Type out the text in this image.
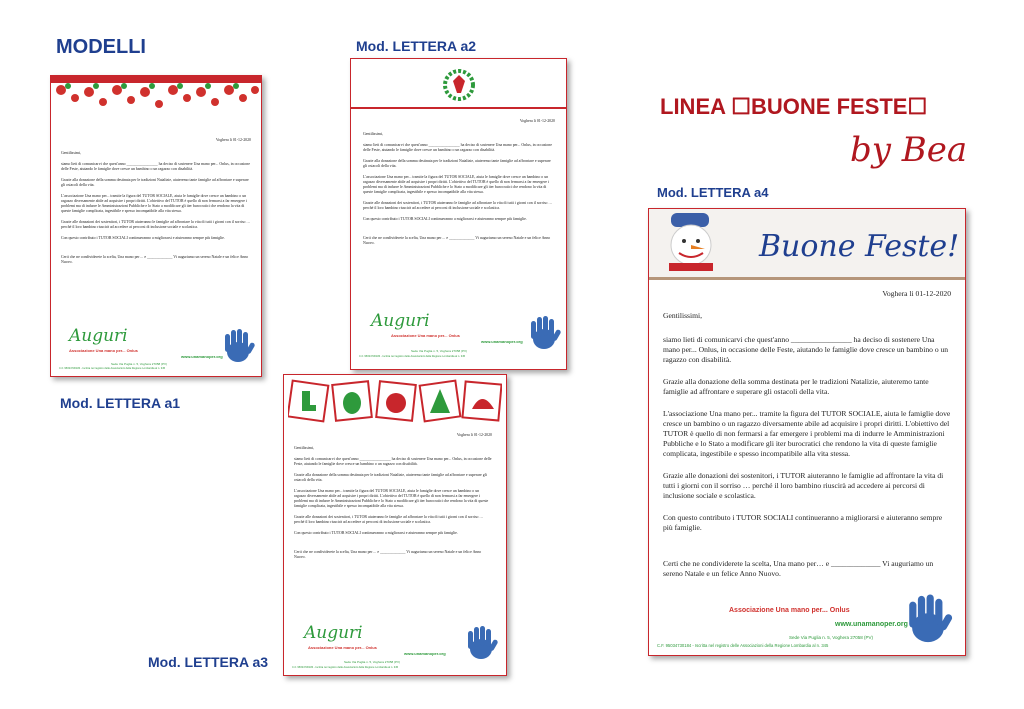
MODELLI	Mod. LETTERA a2
Mod. LETTERA a1
Mod. LETTERA a3
Mod. LETTERA a4
LINEA ☐BUONE FESTE☐
by Bea

Voghera li 01-12-2020

Gentilissimi,

siamo lieti di comunicarvi che quest'anno ________________ ha deciso di sostenere Una mano per... Onlus, in occasione delle Feste, aiutando le famiglie dove cresce un bambino o un ragazzo con disabilità.

Grazie alla donazione della somma destinata per le tradizioni Natalizie, aiuteremo tante famiglie ad affrontare e superare gli ostacoli della vita.

L'associazione Una mano per... tramite la figura del TUTOR SOCIALE, aiuta le famiglie dove cresce un bambino o un ragazzo diversamente abile ad acquisire i propri diritti. L'obiettivo del TUTOR è quello di non fermarsi a far emergere i problemi ma di indurre le Amministrazioni Pubbliche e lo Stato a modificare gli iter burocratici che rendono la vita di queste famiglie complicata, ingestibile e spesso incompatibile alla vita stessa.

Grazie alle donazioni dei sostenitori, i TUTOR aiuteranno le famiglie ad affrontare la vita di tutti i giorni con il sorriso … perché il loro bambino riuscirà ad accedere ai percorsi di inclusione sociale e scolastica.

Con questo contributo i TUTOR SOCIALI continueranno a migliorarsi e aiuteranno sempre più famiglie.

Certi che ne condividerete la scelta, Una mano per… e _____________ Vi auguriamo un sereno Natale e un felice Anno Nuovo.

Auguri
Associazione Una mano per... Onlus
www.unamanoper.org
Sede Via Puglia n. 5, Voghera 27058 (PV)
C.F. 95034730184 - Iscritta nel registro delle Associazioni della Regione Lombardia al n. 345

Voghera li 01-12-2020

Gentilissimi,

siamo lieti di comunicarvi che quest'anno ________________ ha deciso di sostenere Una mano per... Onlus, in occasione delle Feste, aiutando le famiglie dove cresce un bambino o un ragazzo con disabilità.

Grazie alla donazione della somma destinata per le tradizioni Natalizie, aiuteremo tante famiglie ad affrontare e superare gli ostacoli della vita.

L'associazione Una mano per... tramite la figura del TUTOR SOCIALE, aiuta le famiglie dove cresce un bambino o un ragazzo diversamente abile ad acquisire i propri diritti. L'obiettivo del TUTOR è quello di non fermarsi a far emergere i problemi ma di indurre le Amministrazioni Pubbliche e lo Stato a modificare gli iter burocratici che rendono la vita di queste famiglie complicata, ingestibile e spesso incompatibile alla vita stessa.

Grazie alle donazioni dei sostenitori, i TUTOR aiuteranno le famiglie ad affrontare la vita di tutti i giorni con il sorriso … perché il loro bambino riuscirà ad accedere ai percorsi di inclusione sociale e scolastica.

Con questo contributo i TUTOR SOCIALI continueranno a migliorarsi e aiuteranno sempre più famiglie.

Certi che ne condividerete la scelta, Una mano per… e _____________ Vi auguriamo un sereno Natale e un felice Anno Nuovo.

Auguri
Associazione Una mano per... Onlus
www.unamanoper.org
Sede Via Puglia n. 5, Voghera 27058 (PV)
C.F. 95034730184 - Iscritta nel registro delle Associazioni della Regione Lombardia al n. 345

Voghera li 01-12-2020

Gentilissimi,

siamo lieti di comunicarvi che quest'anno ________________ ha deciso di sostenere Una mano per... Onlus, in occasione delle Feste, aiutando le famiglie dove cresce un bambino o un ragazzo con disabilità.

Grazie alla donazione della somma destinata per le tradizioni Natalizie, aiuteremo tante famiglie ad affrontare e superare gli ostacoli della vita.

L'associazione Una mano per... tramite la figura del TUTOR SOCIALE, aiuta le famiglie dove cresce un bambino o un ragazzo diversamente abile ad acquisire i propri diritti. L'obiettivo del TUTOR è quello di non fermarsi a far emergere i problemi ma di indurre le Amministrazioni Pubbliche e lo Stato a modificare gli iter burocratici che rendono la vita di queste famiglie complicata, ingestibile e spesso incompatibile alla vita stessa.

Grazie alle donazioni dei sostenitori, i TUTOR aiuteranno le famiglie ad affrontare la vita di tutti i giorni con il sorriso … perché il loro bambino riuscirà ad accedere ai percorsi di inclusione sociale e scolastica.

Con questo contributo i TUTOR SOCIALI continueranno a migliorarsi e aiuteranno sempre più famiglie.

Certi che ne condividerete la scelta, Una mano per… e _____________ Vi auguriamo un sereno Natale e un felice Anno Nuovo.

Auguri
Associazione Una mano per... Onlus
www.unamanoper.org
Sede Via Puglia n. 5, Voghera 27058 (PV)
C.F. 95034730184 - Iscritta nel registro delle Associazioni della Regione Lombardia al n. 345
Buone Feste!

Voghera li 01-12-2020

Gentilissimi,

siamo lieti di comunicarvi che quest'anno ________________ ha deciso di sostenere Una mano per... Onlus, in occasione delle Feste, aiutando le famiglie dove cresce un bambino o un ragazzo con disabilità.

Grazie alla donazione della somma destinata per le tradizioni Natalizie, aiuteremo tante famiglie ad affrontare e superare gli ostacoli della vita.

L'associazione Una mano per... tramite la figura del TUTOR SOCIALE, aiuta le famiglie dove cresce un bambino o un ragazzo diversamente abile ad acquisire i propri diritti. L'obiettivo del TUTOR è quello di non fermarsi a far emergere i problemi ma di indurre le Amministrazioni Pubbliche e lo Stato a modificare gli iter burocratici che rendono la vita di queste famiglie complicata, ingestibile e spesso incompatibile alla vita stessa.

Grazie alle donazioni dei sostenitori, i TUTOR aiuteranno le famiglie ad affrontare la vita di tutti i giorni con il sorriso … perché il loro bambino riuscirà ad accedere ai percorsi di inclusione sociale e scolastica.

Con questo contributo i TUTOR SOCIALI continueranno a migliorarsi e aiuteranno sempre più famiglie.

Certi che ne condividerete la scelta, Una mano per… e _____________ Vi auguriamo un sereno Natale e un felice Anno Nuovo.

Associazione Una mano per... Onlus
www.unamanoper.org
Sede Via Puglia n. 5, Voghera 27058 (PV)
C.F. 95034730184 - Iscritta nel registro delle Associazioni della Regione Lombardia al n. 345
